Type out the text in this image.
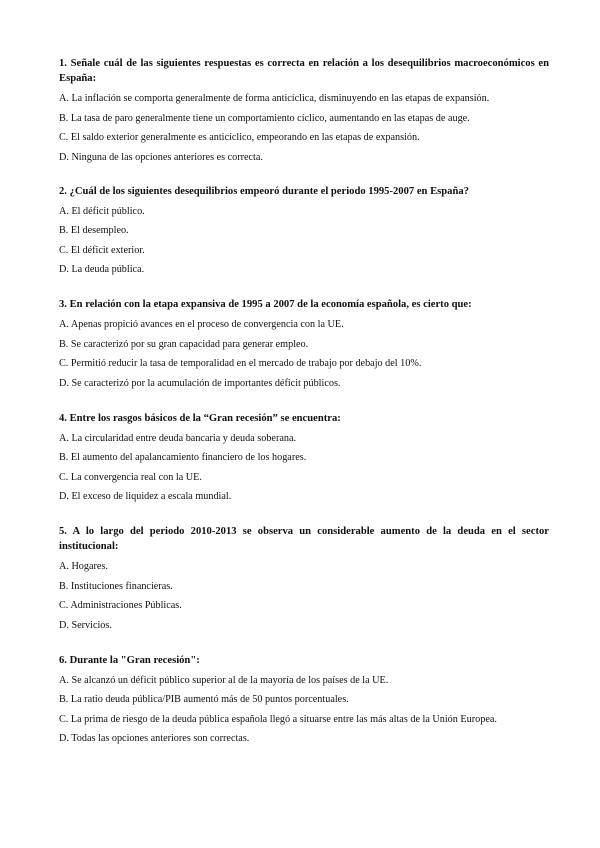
1. Señale cuál de las siguientes respuestas es correcta en relación a los desequilibrios macroeconómicos en España:

A. La inflación se comporta generalmente de forma anticíclica, disminuyendo en las etapas de expansión.

B. La tasa de paro generalmente tiene un comportamiento cíclico, aumentando en las etapas de auge.

C. El saldo exterior generalmente es anticíclico, empeorando en las etapas de expansión.

D. Ninguna de las opciones anteriores es correcta.

2. ¿Cuál de los siguientes desequilibrios empeoró durante el periodo 1995-2007 en España?

A. El déficit público.

B. El desempleo.

C. El déficit exterior.

D. La deuda pública.

3. En relación con la etapa expansiva de 1995 a 2007 de la economía española, es cierto que:

A. Apenas propició avances en el proceso de convergencia con la UE.

B. Se caracterizó por su gran capacidad para generar empleo.

C. Permitió reducir la tasa de temporalidad en el mercado de trabajo por debajo del 10%.

D. Se caracterizó por la acumulación de importantes déficit públicos.

4. Entre los rasgos básicos de la “Gran recesión” se encuentra:

A. La circularidad entre deuda bancaria y deuda soberana.

B. El aumento del apalancamiento financiero de los hogares.

C. La convergencia real con la UE.

D. El exceso de liquidez a escala mundial.

5. A lo largo del periodo 2010-2013 se observa un considerable aumento de la deuda en el sector institucional:

A. Hogares.

B. Instituciones financieras.

C. Administraciones Públicas.

D. Servicios.

6. Durante la "Gran recesión":

A. Se alcanzó un déficit público superior al de la mayoría de los países de la UE.

B. La ratio deuda pública/PIB aumentó más de 50 puntos porcentuales.

C. La prima de riesgo de la deuda pública española llegó a situarse entre las más altas de la Unión Europea.

D. Todas las opciones anteriores son correctas.
